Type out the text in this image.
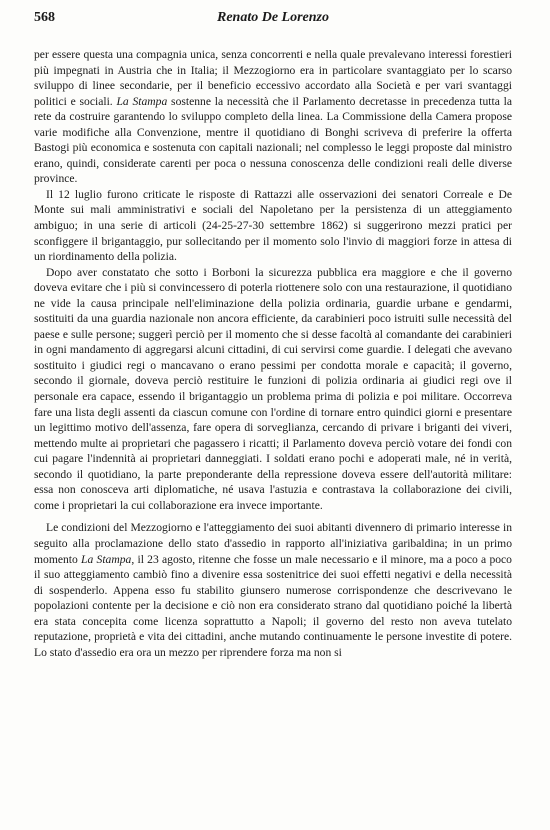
568	Renato De Lorenzo

per essere questa una compagnia unica, senza concorrenti e nella quale prevalevano interessi forestieri più impegnati in Austria che in Italia; il Mezzogiorno era in particolare svantaggiato per lo scarso sviluppo di linee secondarie, per il beneficio eccessivo accordato alla Società e per vari svantaggi politici e sociali. La Stampa sostenne la necessità che il Parlamento decretasse in precedenza tutta la rete da costruire garantendo lo sviluppo completo della linea. La Commissione della Camera propose varie modifiche alla Convenzione, mentre il quotidiano di Bonghi scriveva di preferire la offerta Bastogi più economica e sostenuta con capitali nazionali; nel complesso le leggi proposte dal ministro erano, quindi, considerate carenti per poca o nessuna conoscenza delle condizioni reali delle diverse province.

Il 12 luglio furono criticate le risposte di Rattazzi alle osservazioni dei senatori Correale e De Monte sui mali amministrativi e sociali del Napoletano per la persistenza di un atteggiamento ambiguo; in una serie di articoli (24-25-27-30 settembre 1862) si suggerirono mezzi pratici per sconfiggere il brigantaggio, pur sollecitando per il momento solo l'invio di maggiori forze in attesa di un riordinamento della polizia.

Dopo aver constatato che sotto i Borboni la sicurezza pubblica era maggiore e che il governo doveva evitare che i più si convincessero di poterla riottenere solo con una restaurazione, il quotidiano ne vide la causa principale nell'eliminazione della polizia ordinaria, guardie urbane e gendarmi, sostituiti da una guardia nazionale non ancora efficiente, da carabinieri poco istruiti sulle necessità del paese e sulle persone; suggerì perciò per il momento che si desse facoltà al comandante dei carabinieri in ogni mandamento di aggregarsi alcuni cittadini, di cui servirsi come guardie. I delegati che avevano sostituito i giudici regi o mancavano o erano pessimi per condotta morale e capacità; il governo, secondo il giornale, doveva perciò restituire le funzioni di polizia ordinaria ai giudici regi ove il personale era capace, essendo il brigantaggio un problema prima di polizia e poi militare. Occorreva fare una lista degli assenti da ciascun comune con l'ordine di tornare entro quindici giorni e presentare un legittimo motivo dell'assenza, fare opera di sorveglianza, cercando di privare i briganti dei viveri, mettendo multe ai proprietari che pagassero i ricatti; il Parlamento doveva perciò votare dei fondi con cui pagare l'indennità ai proprietari danneggiati. I soldati erano pochi e adoperati male, né in verità, secondo il quotidiano, la parte preponderante della repressione doveva essere dell'autorità militare: essa non conosceva arti diplomatiche, né usava l'astuzia e contrastava la collaborazione dei civili, come i proprietari la cui collaborazione era invece importante.

Le condizioni del Mezzogiorno e l'atteggiamento dei suoi abitanti divennero di primario interesse in seguito alla proclamazione dello stato d'assedio in rapporto all'iniziativa garibaldina; in un primo momento La Stampa, il 23 agosto, ritenne che fosse un male necessario e il minore, ma a poco a poco il suo atteggiamento cambiò fino a divenire essa sostenitrice dei suoi effetti negativi e della necessità di sospenderlo. Appena esso fu stabilito giunsero numerose corrispondenze che descrivevano le popolazioni contente per la decisione e ciò non era considerato strano dal quotidiano poiché la libertà era stata concepita come licenza soprattutto a Napoli; il governo del resto non aveva tutelato reputazione, proprietà e vita dei cittadini, anche mutando continuamente le persone investite di potere. Lo stato d'assedio era ora un mezzo per riprendere forza ma non si
